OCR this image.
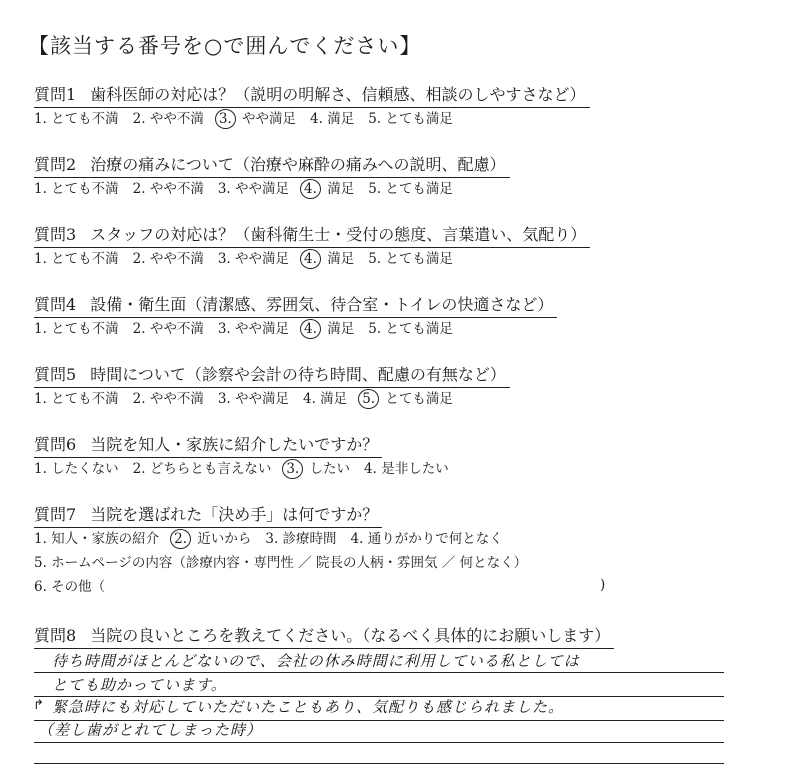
【該当する番号を○で囲んでください】
質問1 歯科医師の対応は？（説明の明解さ、信頼感、相談のしやすさなど）
1. とても不満 2. やや不満 3. やや満足 4. 満足 5. とても満足
質問2 治療の痛みについて（治療や麻酔の痛みへの説明、配慮）
1. とても不満 2. やや不満 3. やや満足 4. 満足 5. とても満足
質問3 スタッフの対応は？（歯科衛生士・受付の態度、言葉遣い、気配り）
1. とても不満 2. やや不満 3. やや満足 4. 満足 5. とても満足
質問4 設備・衛生面（清潔感、雰囲気、待合室・トイレの快適さなど）
1. とても不満 2. やや不満 3. やや満足 4. 満足 5. とても満足
質問5 時間について（診察や会計の待ち時間、配慮の有無など）
1. とても不満 2. やや不満 3. やや満足 4. 満足 5. とても満足
質問6 当院を知人・家族に紹介したいですか？
1. したくない 2. どちらとも言えない 3. したい 4. 是非したい
質問7 当院を選ばれた「決め手」は何ですか？
1. 知人・家族の紹介 2. 近いから 3. 診療時間 4. 通りがかりで何となく
5. ホームページの内容（診療内容・専門性 ／ 院長の人柄・雰囲気 ／ 何となく）
6. その他（	)
質問8 当院の良いところを教えてください。（なるべく具体的にお願いします）
待ち時間がほとんどないので、会社の休み時間に利用している私としては
とても助かっています。
↱ 緊急時にも対応していただいたこともあり、気配りも感じられました。
（差し歯がとれてしまった時）
